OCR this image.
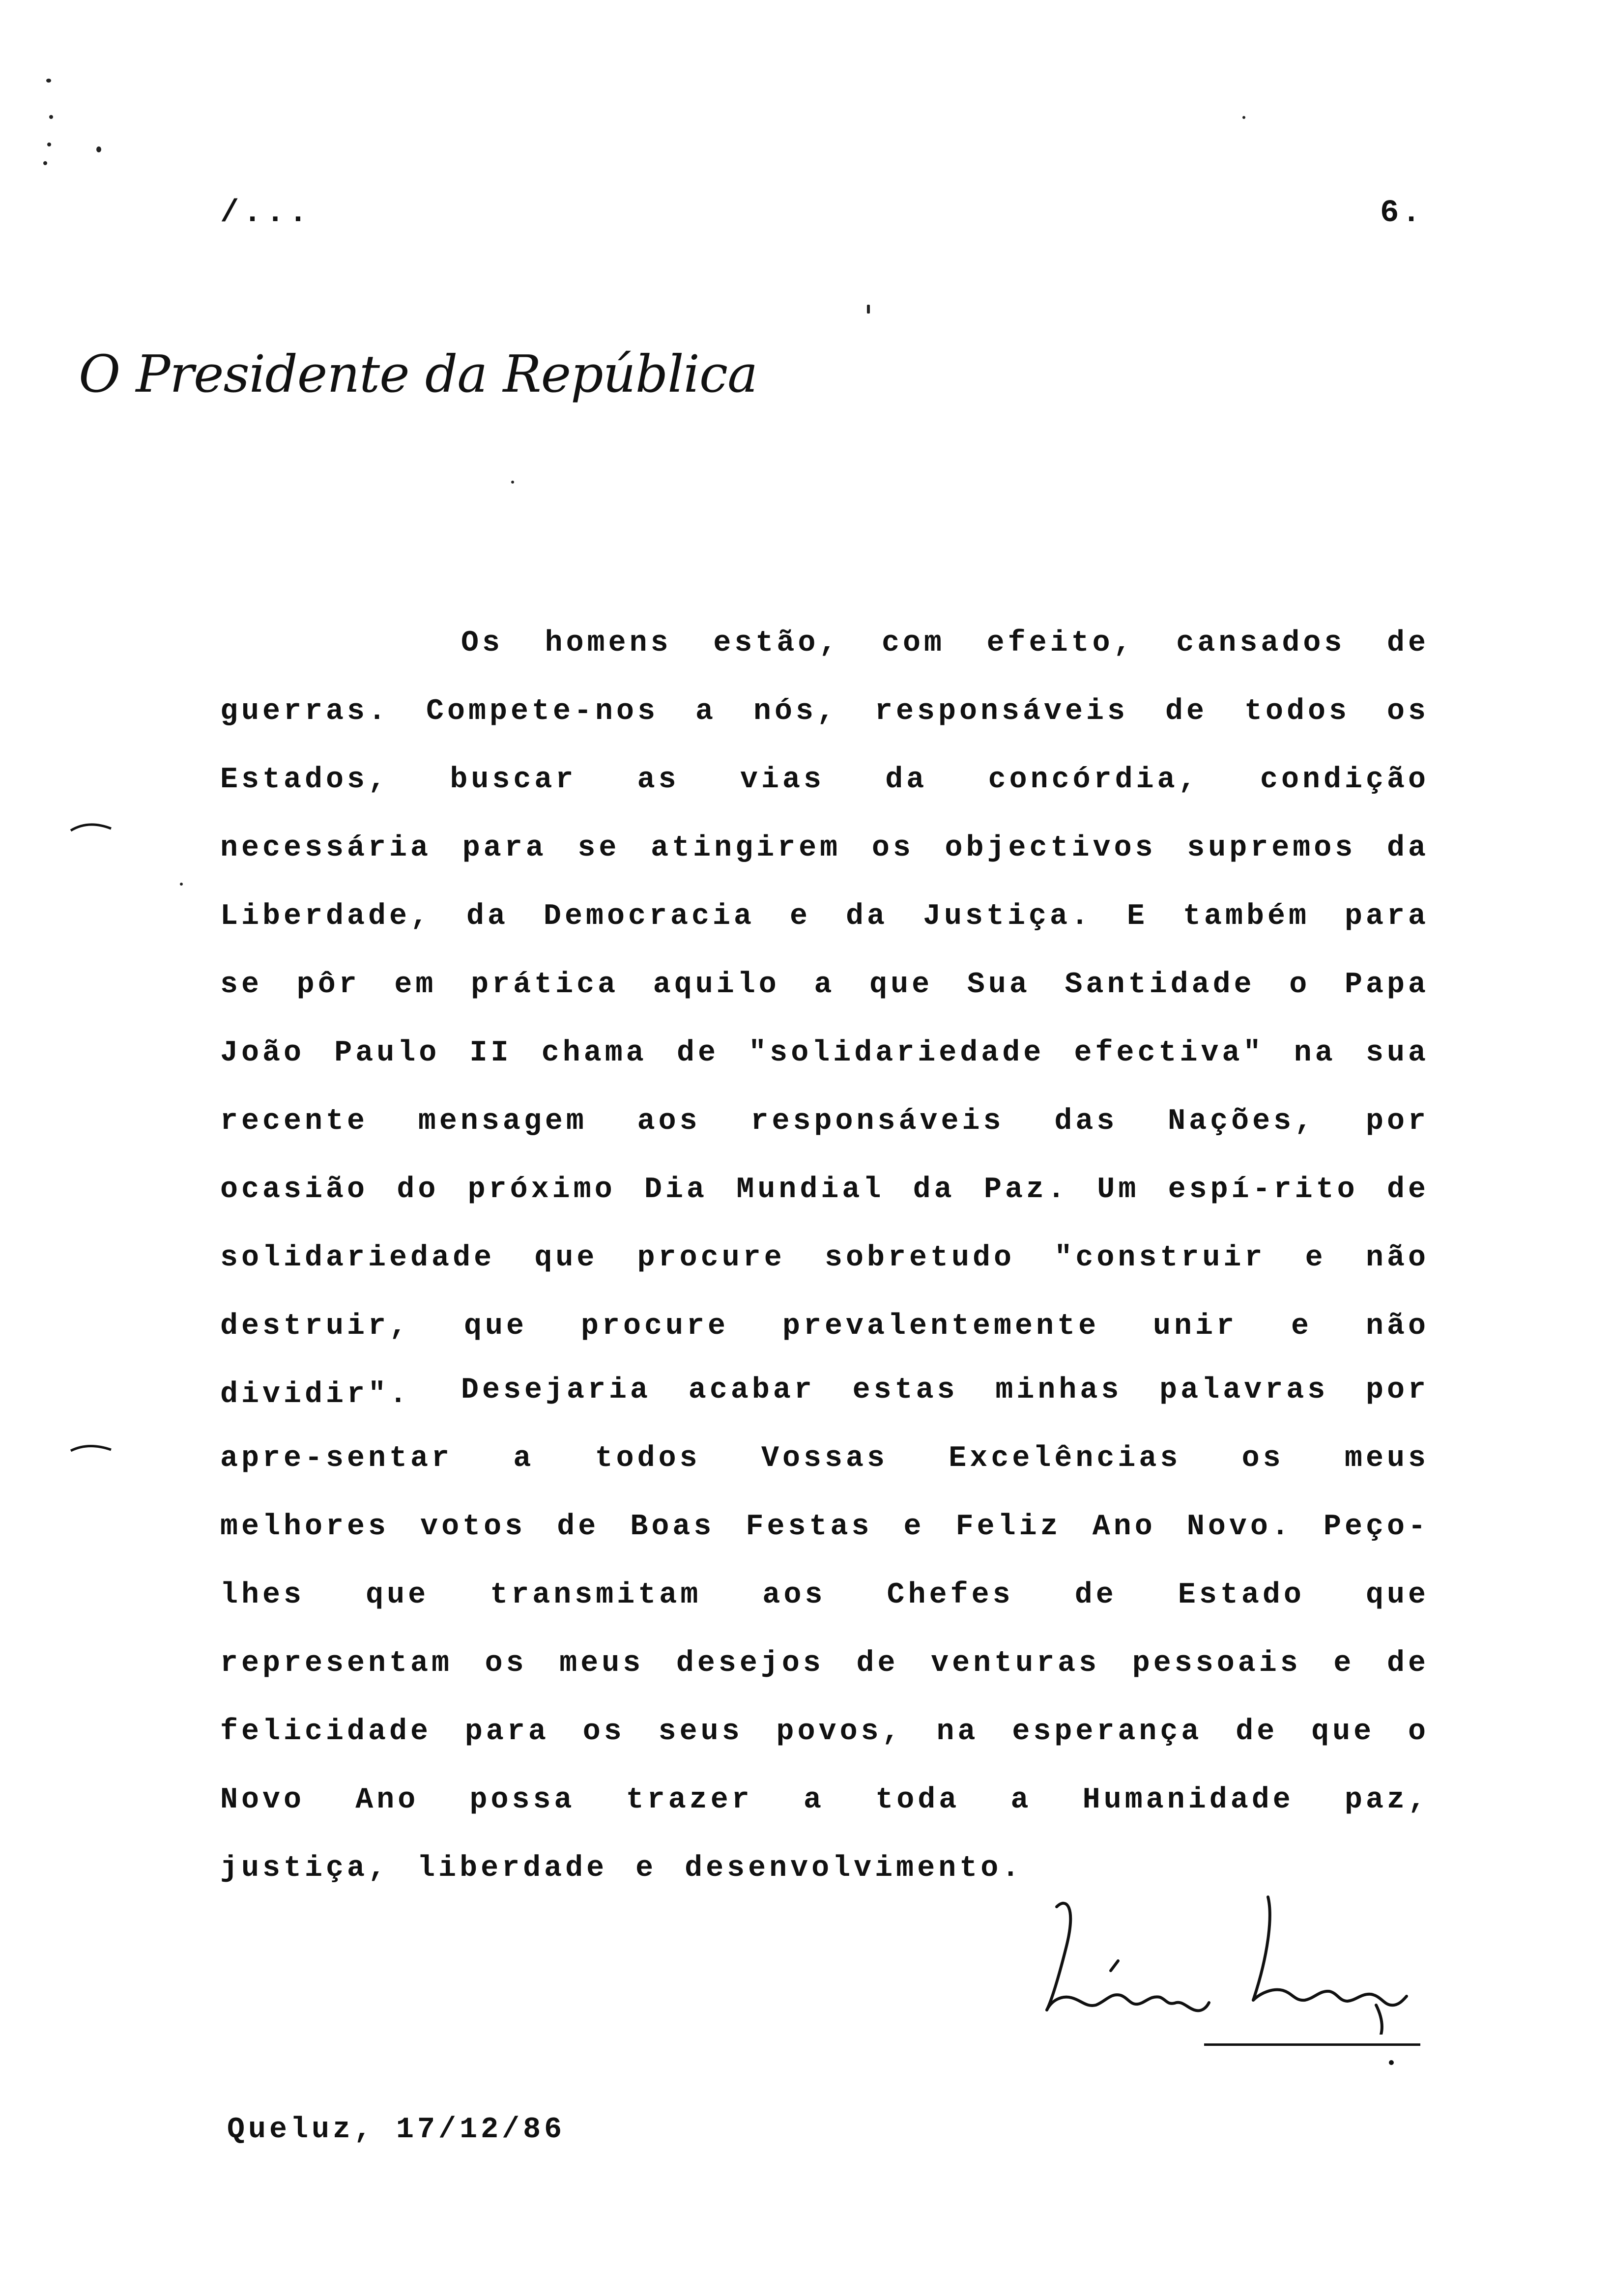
/...	6.
O Presidente da República
Os homens estão, com efeito, cansados de guerras. Compete-nos a nós, responsáveis de todos os Estados, buscar as vias da concórdia, condição necessária para se atingirem os objectivos supremos da Liberdade, da Democracia e da Justiça. E também para se pôr em prática aquilo a que Sua Santidade o Papa João Paulo II chama de "solidariedade efectiva" na sua recente mensagem aos responsáveis das Nações, por ocasião do próximo Dia Mundial da Paz. Um espí-rito de solidariedade que procure sobretudo "construir e não destruir, que procure prevalentemente unir e não dividir".	Desejaria acabar estas minhas palavras por apre-sentar a todos Vossas Excelências os meus melhores votos de Boas Festas e Feliz Ano Novo. Peço-lhes que transmitam aos Chefes de Estado que representam os meus desejos de venturas pessoais e de felicidade para os seus povos, na esperança de que o Novo Ano possa trazer a toda a Humanidade paz, justiça, liberdade e desenvolvimento.
Queluz, 17/12/86
